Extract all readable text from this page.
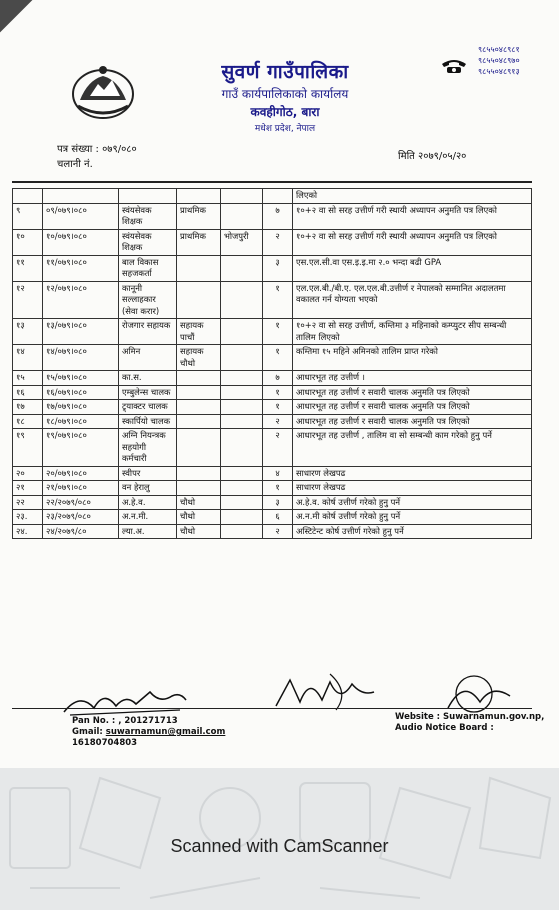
सुवर्ण गाउँपालिका
गाउँ कार्यपालिकाको कार्यालय
कवहीगोठ, बारा
मधेश प्रदेश, नेपाल
९८५५०४८९८१
९८५५०४८९७०
९८५५०४८९१३
पत्र संख्या : ०७९/०८०
चलानी नं.
मिति २०७९/०५/२०
						लिएको
९	०९/०७९।०८०	स्वंयसेवक शिक्षक	प्राथमिक		७	१०+२ वा सो सरह उत्तीर्ण गरी स्थायी अध्यापन अनुमति पत्र लिएको
१०	१०/०७९।०८०	स्वंयसेवक शिक्षक	प्राथमिक	भोजपुरी	२	१०+२ वा सो सरह उत्तीर्ण गरी स्थायी अध्यापन अनुमति पत्र लिएको
११	११/०७९।०८०	बाल विकास सहजकर्ता			३	एस.एल.सी.वा एस.इ.इ.मा २.० भन्दा बढी GPA
१२	१२/०७९।०८०	कानूनी सल्लाहकार (सेवा करार)			१	एल.एल.बी./बी.ए. एल.एल.बी.उत्तीर्ण र नेपालको सम्मानित अदालतमा वकालत गर्न योग्यता भएको
१३	१३/०७९।०८०	रोजगार सहायक	सहायक पाचौं		१	१०+२ वा सो सरह उत्तीर्ण, कम्तिमा ३ महिनाको कम्प्युटर सीप सम्बन्धी तालिम लिएको
१४	१४/०७९।०८०	अमिन	सहायक चौथो		१	कम्तिमा १५ महिने अमिनको तालिम प्राप्त गरेको
१५	१५/०७९।०८०	का.स.			७	आधारभूत तह उत्तीर्ण ।
१६	१६/०७९।०८०	एम्बुलेन्स चालक			१	आधारभूत तह उत्तीर्ण र सवारी चालक अनुमति पत्र लिएको
१७	१७/०७९।०८०	ट्र्याक्टर चालक			१	आधारभूत तह उत्तीर्ण र सवारी चालक अनुमति पत्र लिएको
१८	१८/०७९।०८०	स्कार्पियो चालक			२	आधारभूत तह उत्तीर्ण र सवारी चालक अनुमति पत्र लिएको
१९	१९/०७९।०८०	अग्नि नियन्त्रक सहयोगी कर्मचारी			२	आधारभूत तह उत्तीर्ण , तालिम वा सो सम्बन्धी काम गरेको हुनु पर्ने
२०	२०/०७९।०८०	स्वीपर			४	साधारण लेखपढ
२१	२१/०७९।०८०	वन हेरालु			१	साधारण लेखपढ
२२	२२/२०७९/०८०	अ.हे.व.	चौथो		३	अ.हे.व. कोर्ष उत्तीर्ण गरेको हुनु पर्ने
२३.	२३/२०७९/०८०	अ.न.मी.	चौथो		६	अ.न.मी कोर्ष उत्तीर्ण गरेको हुनु पर्ने
२४.	२४/२०७९/८०	ल्या.अ.	चौथो		२	अस्टिटेन्ट कोर्ष उत्तीर्ण गरेको हुनु पर्ने
Pan No. : , 201271713
Gmail: suwarnamun@gmail.com
16180704803
Website : Suwarnamun.gov.np,
Audio Notice Board :
Scanned with CamScanner
